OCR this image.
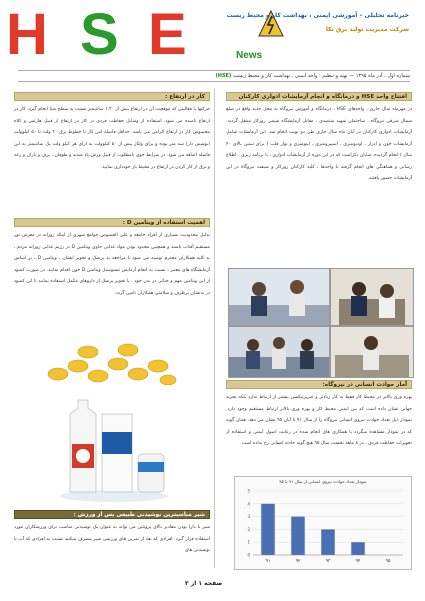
H S E	News
خبرنامه تحلیلی – آموزشی ایمنی ، بهداشت کار و محیط زیست
شرکت مدیریت تولید برق نکا
شماره اول ، آذر ماه ۱۳۹۵ — تهیه و تنظیم : واحد ایمنی ، بهداشت کار و محیط زیست (HSE)
افتتاح واحد HSE و درمانگاه و انجام آزمایشات ادواری کارکنان
در مهرماه سال جاری ، واحدهای HSE ، درمانگاه و آموزش نیروگاه به محل جدید واقع در ضلع شمال شرقی نیروگاه ، ساختمان شهید منتصدی ، مقابل آزمایشگاه شیمی روزکار منتقل گردید. آزمایشات ادواری کارکنان در آبان ماه سال جاری طی دو نوبت انجام شد. این آزمایشات شامل آزمایشات خون و ادرار ، اودیومتری ، اسپیرومتری ، اپتومتری و نوار قلب ( برای سنین بالای ۴۰ سال ) انجام گردیده. شایان ذکراست که در این دوره از آزمایشات ادواری ، با برنامه ریزی ، اطلاع رسانی و هماهنگی های انجام گرفته با واحدها ، کلیه کارکنان روزکار و شیفت نیروگاه در این آزمایشات حضور یافتند.
آمار حوادث انسانی در نیروگاه:
بهره وری بالاتر در محیط کار فقط به کار زیادتر و غیرپربیکسن بیشتر از ارتباط ندارد بلکه تجربه جهانی نشان داده است که بین ایمنی محیط کار و بهره وری بالاتر ارتباط مستقیم وجود دارد. نمودار ذیل تعداد حوادث نیروی انسانی نیروگاه را از سال ۹۱ تا آبان ۹۵ نشان می دهد. همان گونه که در نمودار مشاهده میگردد با همکاری های انجام شده در رعایت اصول ایمنی و استفاده از تجهیزات حفاظت فردی ، در ۸ ماهه نخست سال ۹۵ هیچ گونه حادثه انسانی رخ نداده است.
نمودار تعداد حوادث نیروی انسانی از سال ۹۱ تا ۹۵
0
1
2
3
4
5
۹۱	۹۲	۹۳	۹۴	۹۵
کار در ارتفاع :
حرکتها یا فعالیتی که موقعیت آن در ارتفاع بیش از ۱.۲۰ سانتیمتر نسبت به سطح مبنا انجام گیرد، کار در ارتفاع نامیده می شود. استفاده از وسایل حفاظت فردی در کار در ارتفاع از قبیل هارنس و کلاه مخصوص کار در ارتفاع الزامی می باشد. حداقل فاصله امن کار تا خطوط برق ۲۰ ولت تا ۵۰ کیلوولت (بوشش دار) سه متر بوده و برای ولتاژ بیش از ۵۰ کیلوولت به ازای هر کیلو ولت یک سانتیمتر به این فاصله اضافه می شود. در شرایط جوی نامطلوب از قبیل وزش باد شدید و طوفان ، برف و باران و رعد و برق از کار کردن در ارتفاع در محیط باز خودداری نمایید.
اهمیت استفاده از ویتامین D :
بدلیل محدودیت بسیاری از افراد جامعه و علی الخصوص جوامع شهری از اینکه روزانه در معرض نور مستقیم آفتاب باشند و همچنین محدود بودن مواد غذایی حاوی ویتامین D در رژیم غذایی روزانه مردم ، به کلیه همکاران محترم توصیه می شود با مراجعه به پزشک و تجویز ایشان ، ویتامین D ، بر اساس آزمایشگاه های معتبر ، نسبت به انجام آزمایش تستوستل ویتامین D خون اقدام نمایند. در صورت کمبود از این ویتامین مهم و حیاتی در بدن خود ، با تجویز پزشک از داروهای مکمل استفاده نمایند تا این کمبود در بدنشان برطرف و سلامتی همکاران تامین گردد.
شیر مناسبترین نوشیدنی طبیعی پس از ورزش :
شیر با دارا بودن مقادیر بالای پروتئین می تواند به عنوان یک نوشیدنی مناسب برای ورزشکاران مورد استفاده قرار گیرد. افرادی که بعد از تمرین های ورزشی شیر مصرف میکنند نسبت به افرادی که آب یا نوشیدنی های
صفحه ۱ از ۲
